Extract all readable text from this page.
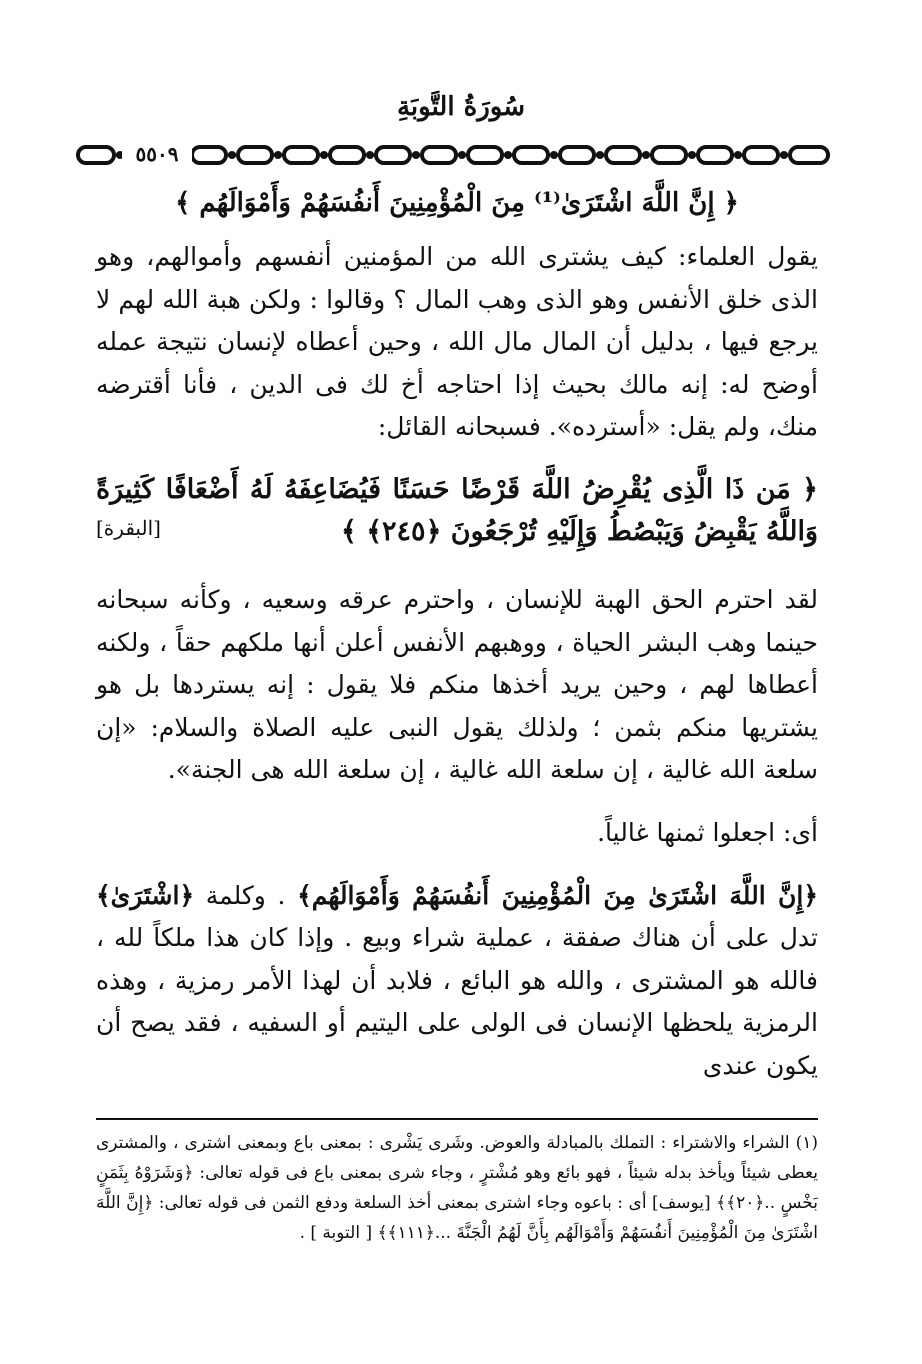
سُورَةُ التَّوبَةِ
٥٥٠٩
﴿ إِنَّ اللَّهَ اشْتَرَىٰ⁽¹⁾ مِنَ الْمُؤْمِنِينَ أَنفُسَهُمْ وَأَمْوَالَهُم ﴾

يقول العلماء: كيف يشترى الله من المؤمنين أنفسهم وأموالهم، وهو الذى خلق الأنفس وهو الذى وهب المال ؟ وقالوا : ولكن هبة الله لهم لا يرجع فيها ، بدليل أن المال مال الله ، وحين أعطاه لإنسان نتيجة عمله أوضح له: إنه مالك بحيث إذا احتاجه أخ لك فى الدين ، فأنا أقترضه منك، ولم يقل: «أسترده». فسبحانه القائل:

﴿ مَن ذَا الَّذِى يُقْرِضُ اللَّهَ قَرْضًا حَسَنًا فَيُضَاعِفَهُ لَهُ أَضْعَافًا كَثِيرَةً وَاللَّهُ يَقْبِضُ وَيَبْصُطُ وَإِلَيْهِ تُرْجَعُونَ ﴿٢٤٥﴾ ﴾
[البقرة]

لقد احترم الحق الهبة للإنسان ، واحترم عرقه وسعيه ، وكأنه سبحانه حينما وهب البشر الحياة ، ووهبهم الأنفس أعلن أنها ملكهم حقاً ، ولكنه أعطاها لهم ، وحين يريد أخذها منكم فلا يقول : إنه يستردها بل هو يشتريها منكم بثمن ؛ ولذلك يقول النبى عليه الصلاة والسلام: «إن سلعة الله غالية ، إن سلعة الله غالية ، إن سلعة الله هى الجنة».

أى: اجعلوا ثمنها غالياً.

﴿إِنَّ اللَّهَ اشْتَرَىٰ مِنَ الْمُؤْمِنِينَ أَنفُسَهُمْ وَأَمْوَالَهُم﴾ . وكلمة ﴿اشْتَرَىٰ﴾ تدل على أن هناك صفقة ، عملية شراء وبيع . وإذا كان هذا ملكاً لله ، فالله هو المشترى ، والله هو البائع ، فلابد أن لهذا الأمر رمزية ، وهذه الرمزية يلحظها الإنسان فى الولى على اليتيم أو السفيه ، فقد يصح أن يكون عندى

(١) الشراء والاشتراء : التملك بالمبادلة والعوض. وشَرى يَشْرى : بمعنى باع وبمعنى اشترى ، والمشترى يعطى شيئاً ويأخذ بدله شيئاً ، فهو بائع وهو مُشْترٍ ، وجاء شرى بمعنى باع فى قوله تعالى: ﴿وَشَرَوْهُ بِثَمَنٍ بَخْسٍ ..﴿٢٠﴾﴾ [يوسف] أى : باعوه وجاء اشترى بمعنى أخذ السلعة ودفع الثمن فى قوله تعالى: ﴿إِنَّ اللَّهَ اشْتَرَىٰ مِنَ الْمُؤْمِنِينَ أَنفُسَهُمْ وَأَمْوَالَهُم بِأَنَّ لَهُمُ الْجَنَّةَ ...﴿١١١﴾﴾ [ التوبة ] .
